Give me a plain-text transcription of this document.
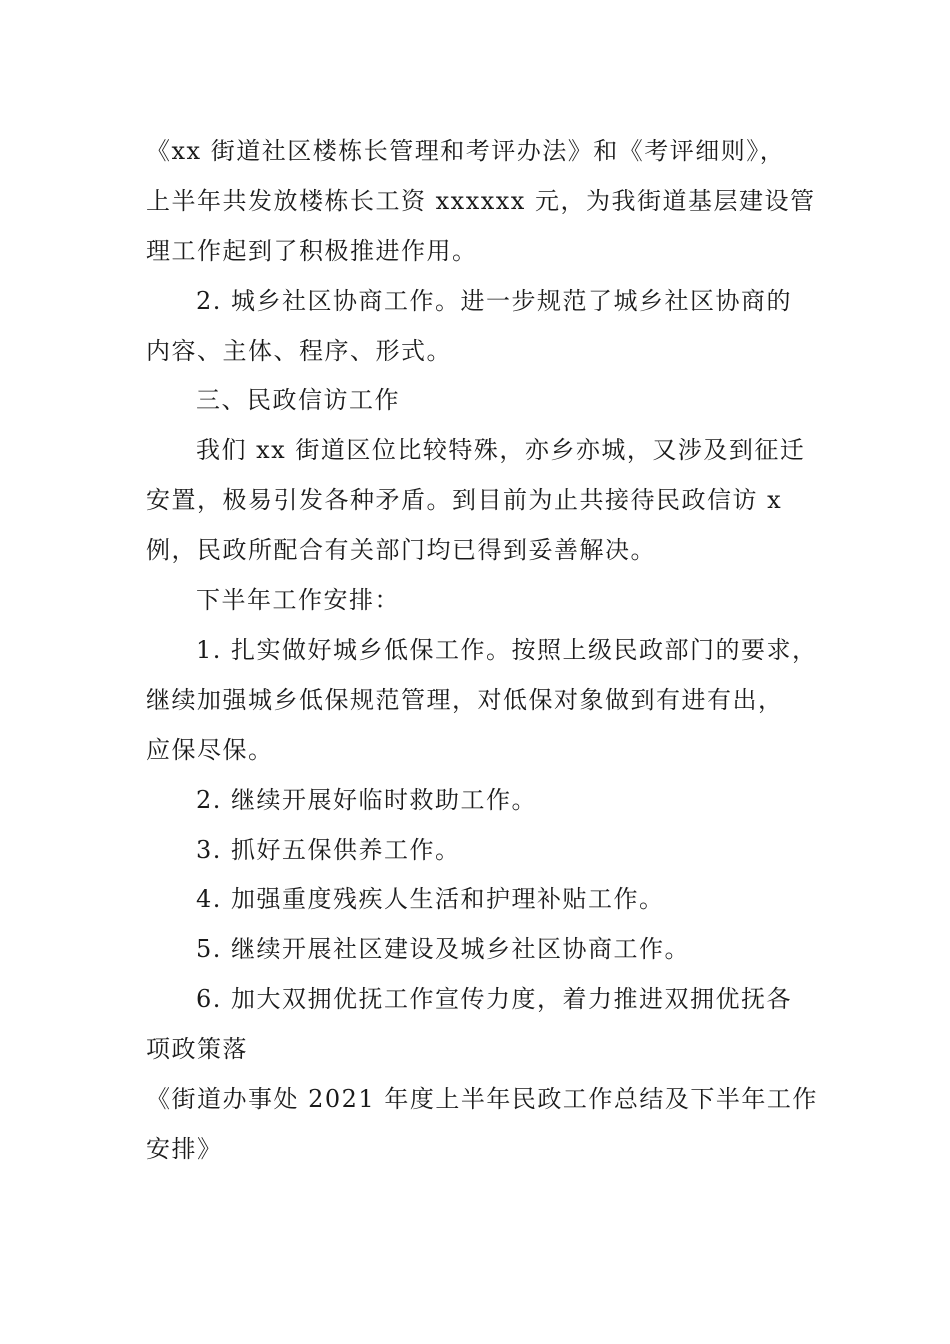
《xx 街道社区楼栋长管理和考评办法》和《考评细则》，
上半年共发放楼栋长工资 xxxxxx 元，为我街道基层建设管
理工作起到了积极推进作用。
2. 城乡社区协商工作。进一步规范了城乡社区协商的
内容、主体、程序、形式。
三、民政信访工作
我们 xx 街道区位比较特殊，亦乡亦城，又涉及到征迁
安置，极易引发各种矛盾。到目前为止共接待民政信访 x
例，民政所配合有关部门均已得到妥善解决。
下半年工作安排：
1. 扎实做好城乡低保工作。按照上级民政部门的要求，
继续加强城乡低保规范管理，对低保对象做到有进有出，
应保尽保。
2. 继续开展好临时救助工作。
3. 抓好五保供养工作。
4. 加强重度残疾人生活和护理补贴工作。
5. 继续开展社区建设及城乡社区协商工作。
6. 加大双拥优抚工作宣传力度，着力推进双拥优抚各
项政策落
《街道办事处 2021 年度上半年民政工作总结及下半年工作
安排》
